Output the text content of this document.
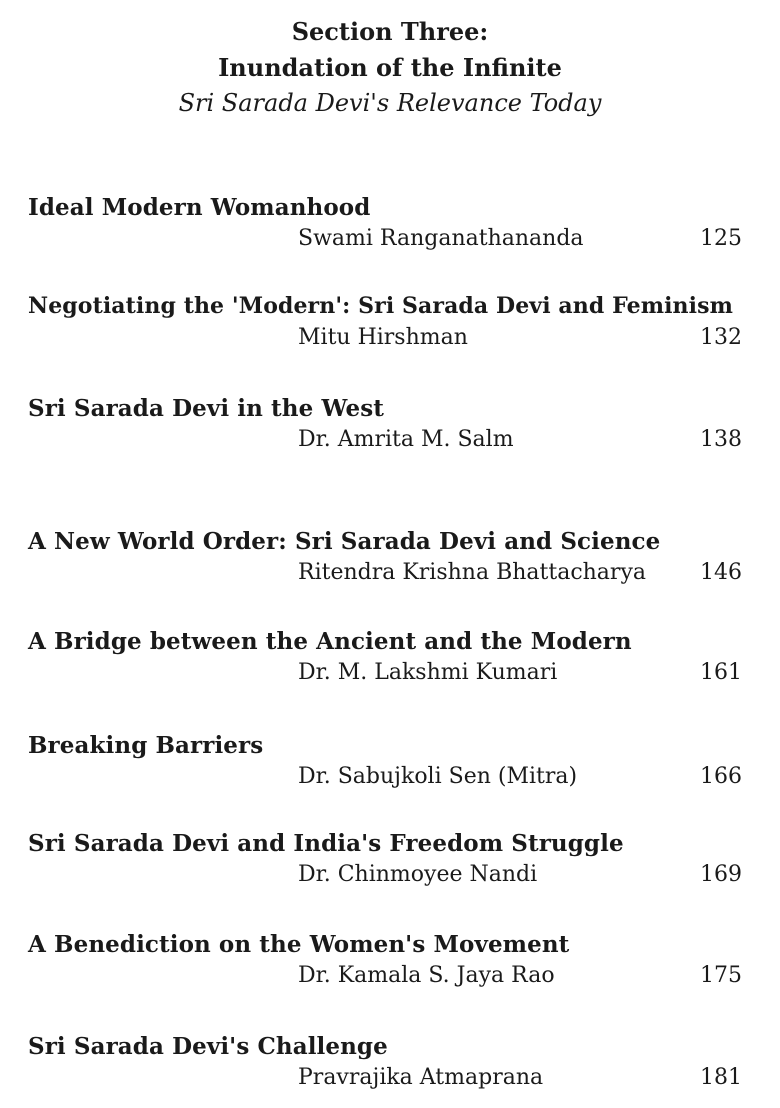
Section Three:
Inundation of the Infinite
Sri Sarada Devi's Relevance Today
Ideal Modern Womanhood
Swami Ranganathananda	125
Negotiating the 'Modern': Sri Sarada Devi and Feminism
Mitu Hirshman	132
Sri Sarada Devi in the West
Dr. Amrita M. Salm	138
A New World Order: Sri Sarada Devi and Science
Ritendra Krishna Bhattacharya 146
A Bridge between the Ancient and the Modern
Dr. M. Lakshmi Kumari	161
Breaking Barriers
Dr. Sabujkoli Sen (Mitra)	166
Sri Sarada Devi and India's Freedom Struggle
Dr. Chinmoyee Nandi	169
A Benediction on the Women's Movement
Dr. Kamala S. Jaya Rao	175
Sri Sarada Devi's Challenge
Pravrajika Atmaprana	181
